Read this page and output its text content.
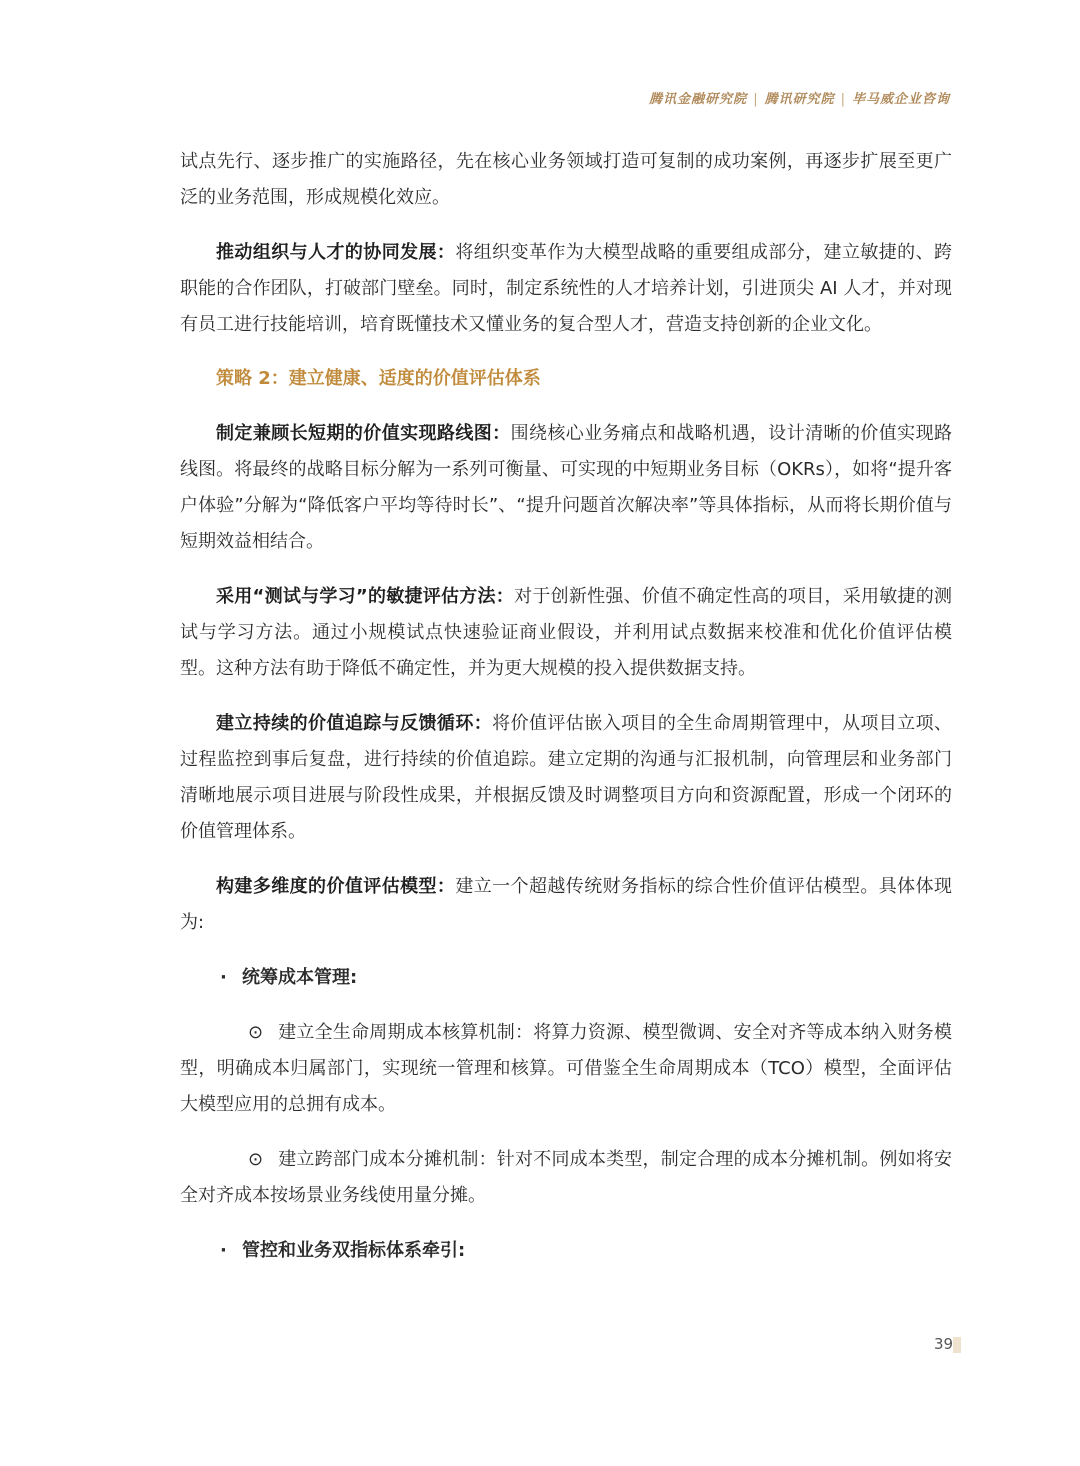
腾讯金融研究院 | 腾讯研究院 | 毕马威企业咨询

试点先行、逐步推广的实施路径，先在核心业务领域打造可复制的成功案例，再逐步扩展至更广泛的业务范围，形成规模化效应。

推动组织与人才的协同发展：将组织变革作为大模型战略的重要组成部分，建立敏捷的、跨职能的合作团队，打破部门壁垒。同时，制定系统性的人才培养计划，引进顶尖 AI 人才，并对现有员工进行技能培训，培育既懂技术又懂业务的复合型人才，营造支持创新的企业文化。

策略 2：建立健康、适度的价值评估体系

制定兼顾长短期的价值实现路线图：围绕核心业务痛点和战略机遇，设计清晰的价值实现路线图。将最终的战略目标分解为一系列可衡量、可实现的中短期业务目标（OKRs），如将“提升客户体验”分解为“降低客户平均等待时长”、“提升问题首次解决率”等具体指标，从而将长期价值与短期效益相结合。

采用“测试与学习”的敏捷评估方法：对于创新性强、价值不确定性高的项目，采用敏捷的测试与学习方法。通过小规模试点快速验证商业假设，并利用试点数据来校准和优化价值评估模型。这种方法有助于降低不确定性，并为更大规模的投入提供数据支持。

建立持续的价值追踪与反馈循环：将价值评估嵌入项目的全生命周期管理中，从项目立项、过程监控到事后复盘，进行持续的价值追踪。建立定期的沟通与汇报机制，向管理层和业务部门清晰地展示项目进展与阶段性成果，并根据反馈及时调整项目方向和资源配置，形成一个闭环的价值管理体系。

构建多维度的价值评估模型：建立一个超越传统财务指标的综合性价值评估模型。具体体现为:

· 统筹成本管理:

⊙ 建立全生命周期成本核算机制：将算力资源、模型微调、安全对齐等成本纳入财务模型，明确成本归属部门，实现统一管理和核算。可借鉴全生命周期成本（TCO）模型，全面评估大模型应用的总拥有成本。

⊙ 建立跨部门成本分摊机制：针对不同成本类型，制定合理的成本分摊机制。例如将安全对齐成本按场景业务线使用量分摊。

· 管控和业务双指标体系牵引:

39
